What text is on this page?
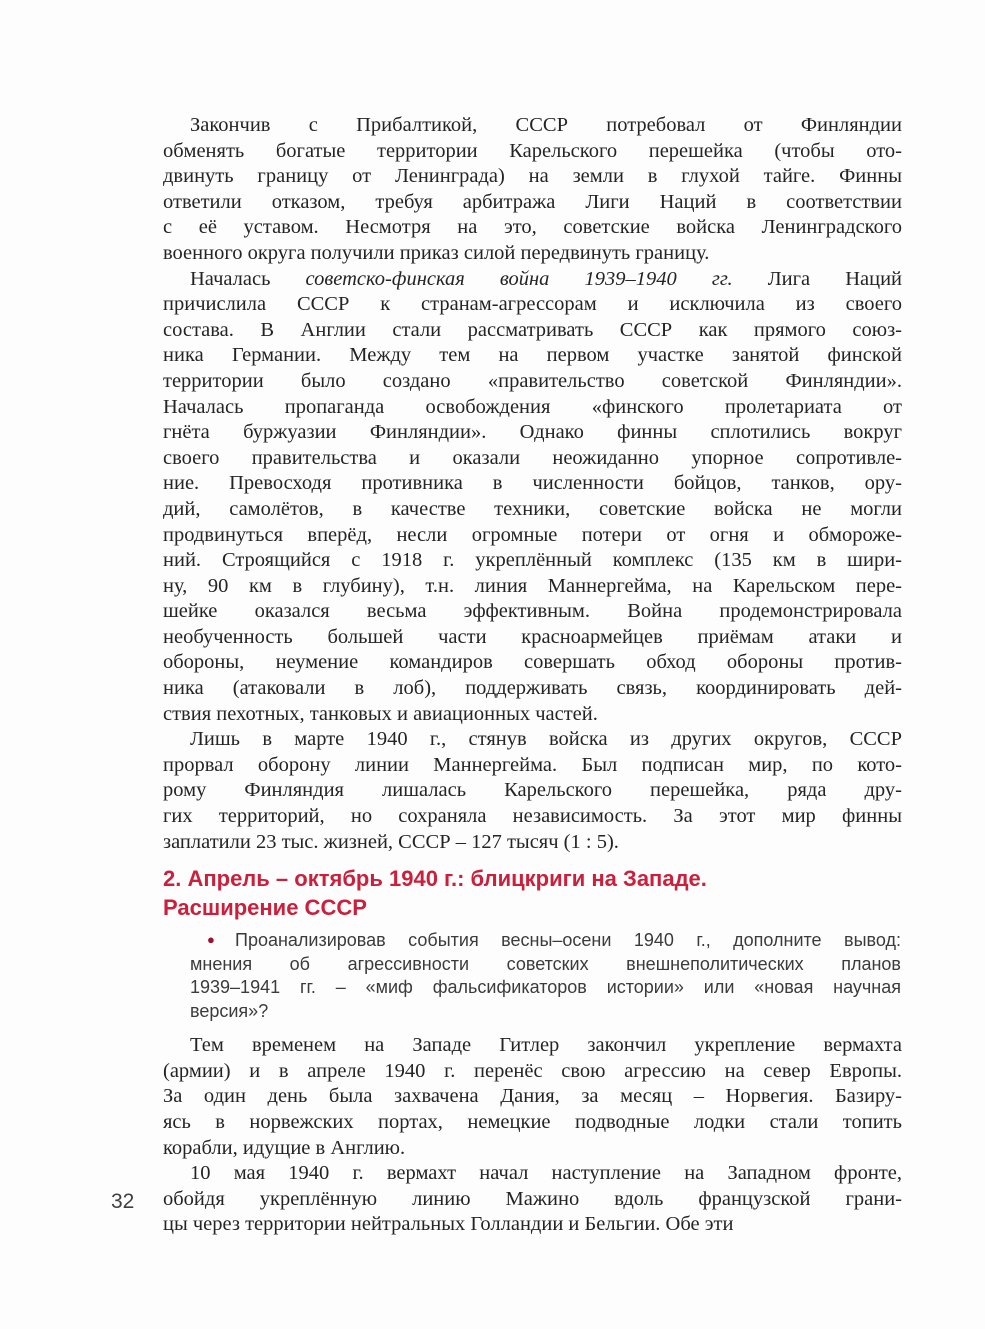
Закончив с Прибалтикой, СССР потребовал от Финляндии
обменять богатые территории Карельского перешейка (чтобы ото-
двинуть границу от Ленинграда) на земли в глухой тайге. Финны
ответили отказом, требуя арбитража Лиги Наций в соответствии
с её уставом. Несмотря на это, советские войска Ленинградского
военного округа получили приказ силой передвинуть границу.
Началась советско-финская война 1939–1940 гг. Лига Наций
причислила СССР к странам-агрессорам и исключила из своего
состава. В Англии стали рассматривать СССР как прямого союз-
ника Германии. Между тем на первом участке занятой финской
территории было создано «правительство советской Финляндии».
Началась пропаганда освобождения «финского пролетариата от
гнёта буржуазии Финляндии». Однако финны сплотились вокруг
своего правительства и оказали неожиданно упорное сопротивле-
ние. Превосходя противника в численности бойцов, танков, ору-
дий, самолётов, в качестве техники, советские войска не могли
продвинуться вперёд, несли огромные потери от огня и обмороже-
ний. Строящийся с 1918 г. укреплённый комплекс (135 км в шири-
ну, 90 км в глубину), т.н. линия Маннергейма, на Карельском пере-
шейке оказался весьма эффективным. Война продемонстрировала
необученность большей части красноармейцев приёмам атаки и
обороны, неумение командиров совершать обход обороны против-
ника (атаковали в лоб), поддерживать связь, координировать дей-
ствия пехотных, танковых и авиационных частей.
Лишь в марте 1940 г., стянув войска из других округов, СССР
прорвал оборону линии Маннергейма. Был подписан мир, по кото-
рому Финляндия лишалась Карельского перешейка, ряда дру-
гих территорий, но сохраняла независимость. За этот мир финны
заплатили 23 тыс. жизней, СССР – 127 тысяч (1 : 5).
2. Апрель – октябрь 1940 г.: блицкриги на Западе.
Расширение СССР
● Проанализировав события весны–осени 1940 г., дополните вывод:
мнения об агрессивности советских внешнеполитических планов
1939–1941 гг. – «миф фальсификаторов истории» или «новая научная
версия»?
Тем временем на Западе Гитлер закончил укрепление вермахта
(армии) и в апреле 1940 г. перенёс свою агрессию на север Европы.
За один день была захвачена Дания, за месяц – Норвегия. Базиру-
ясь в норвежских портах, немецкие подводные лодки стали топить
корабли, идущие в Англию.
10 мая 1940 г. вермахт начал наступление на Западном фронте,
обойдя укреплённую линию Мажино вдоль французской грани-
цы через территории нейтральных Голландии и Бельгии. Обе эти
32
